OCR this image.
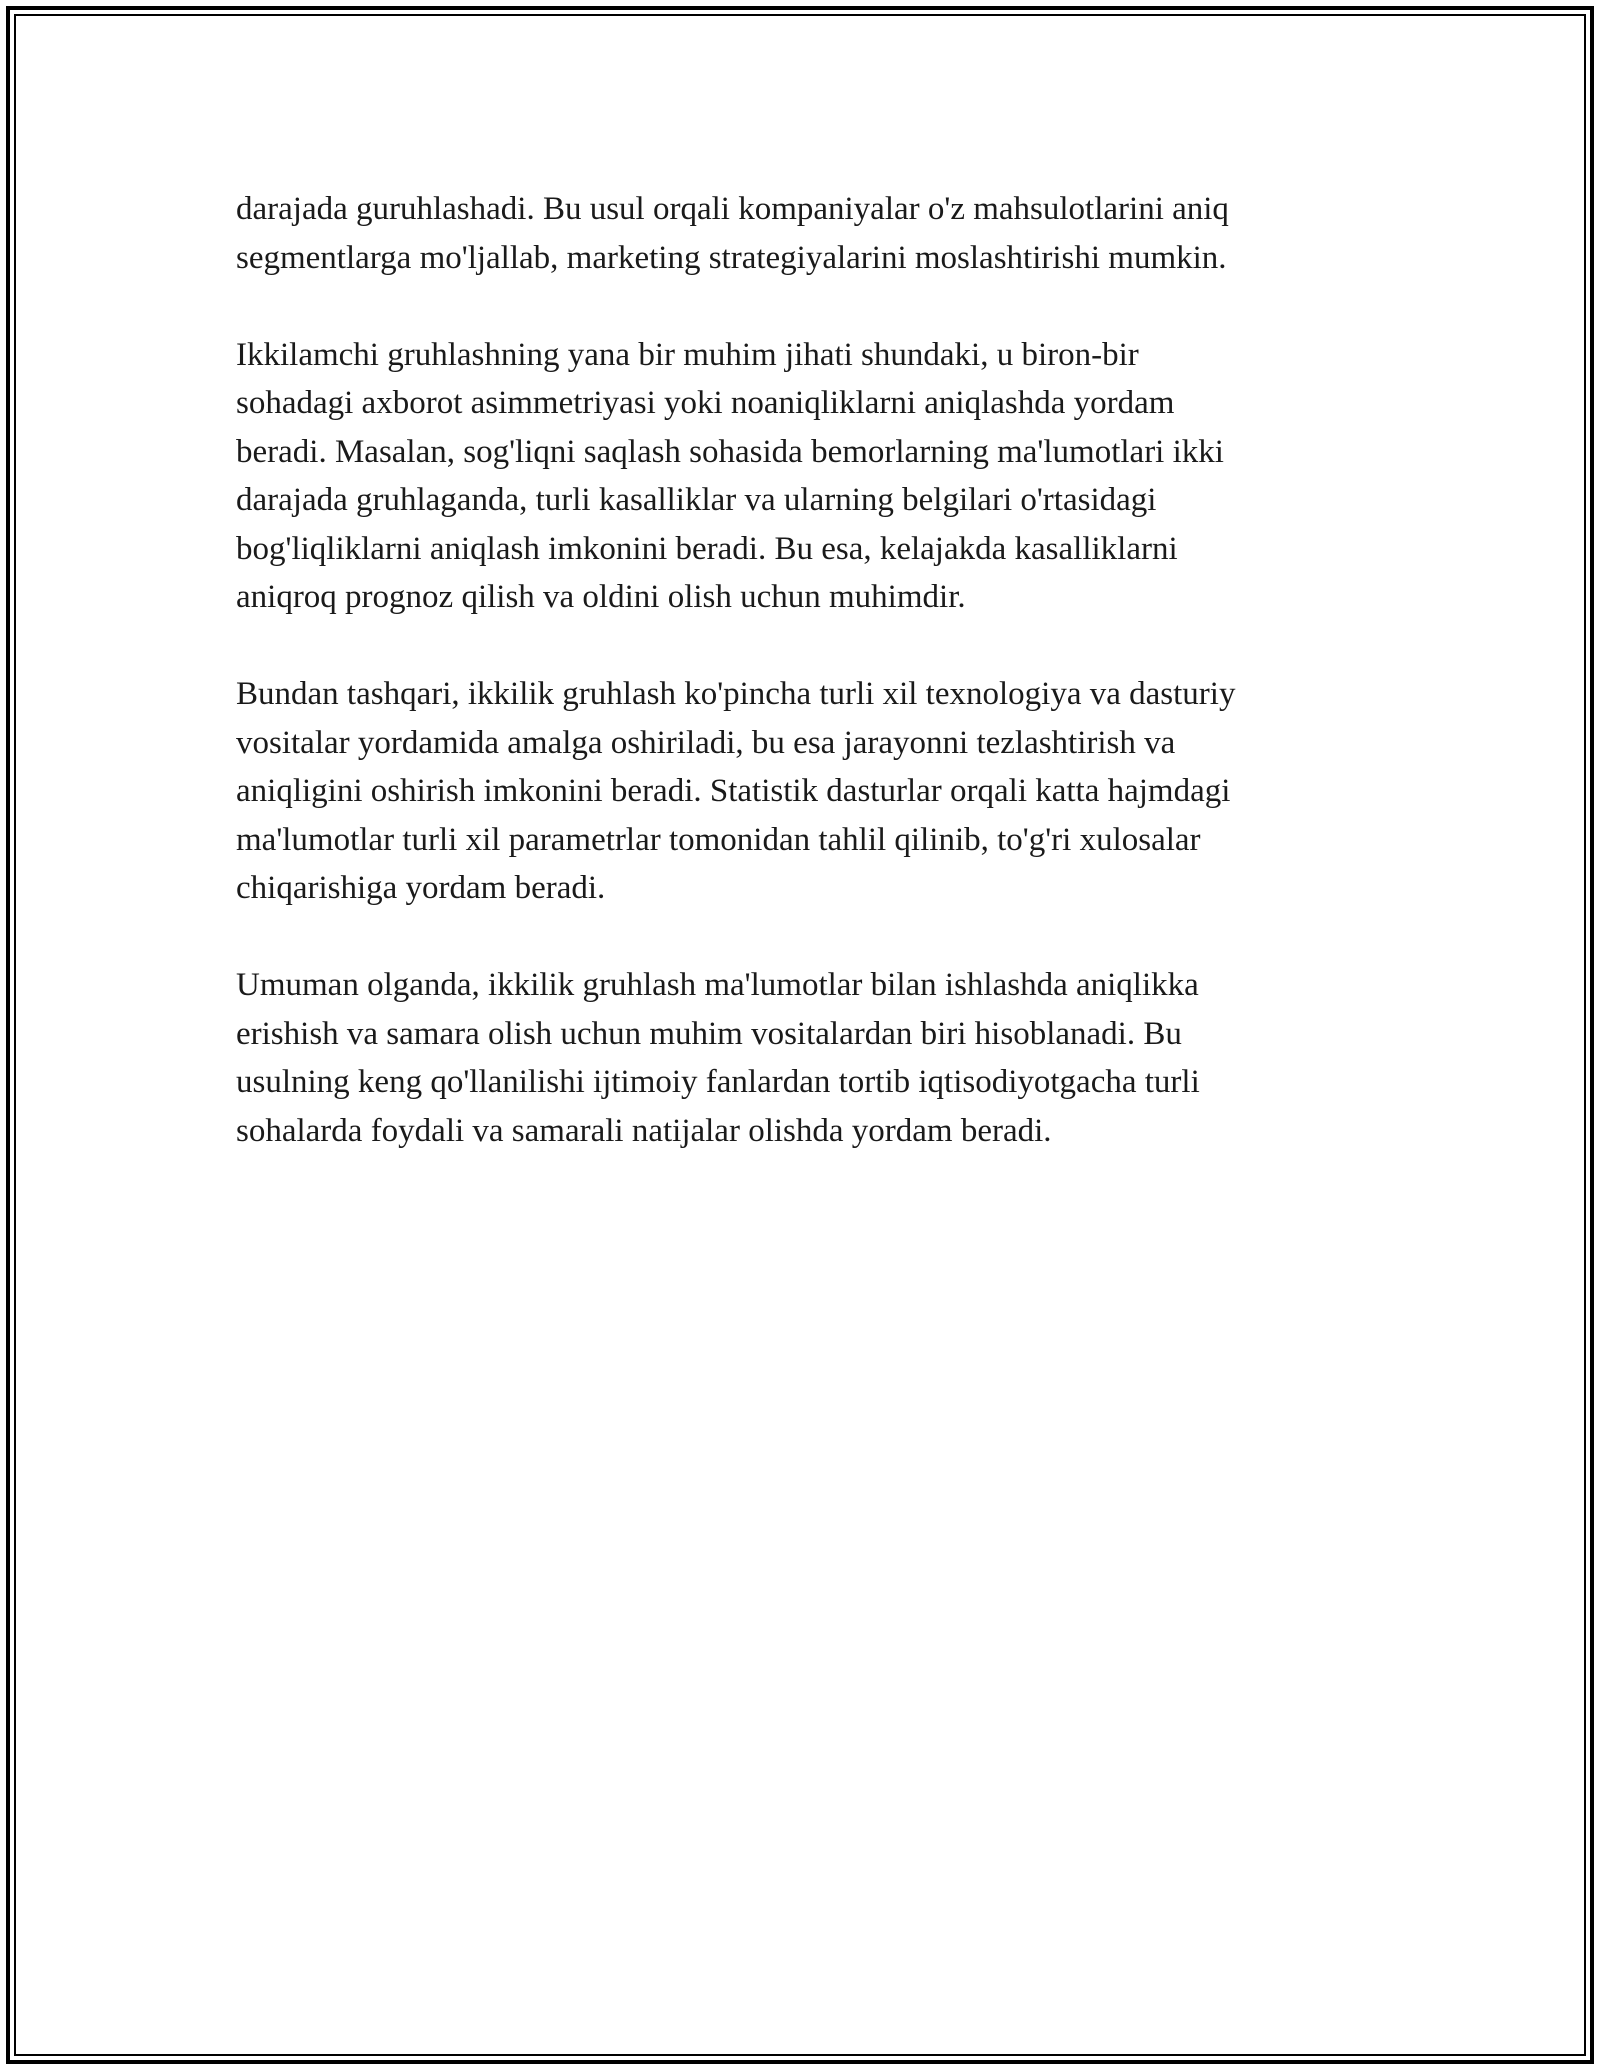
darajada guruhlashadi. Bu usul orqali kompaniyalar o'z mahsulotlarini aniq
segmentlarga mo'ljallab, marketing strategiyalarini moslashtirishi mumkin.

Ikkilamchi gruhlashning yana bir muhim jihati shundaki, u biron-bir
sohadagi axborot asimmetriyasi yoki noaniqliklarni aniqlashda yordam
beradi. Masalan, sog'liqni saqlash sohasida bemorlarning ma'lumotlari ikki
darajada gruhlaganda, turli kasalliklar va ularning belgilari o'rtasidagi
bog'liqliklarni aniqlash imkonini beradi. Bu esa, kelajakda kasalliklarni
aniqroq prognoz qilish va oldini olish uchun muhimdir.

Bundan tashqari, ikkilik gruhlash ko'pincha turli xil texnologiya va dasturiy
vositalar yordamida amalga oshiriladi, bu esa jarayonni tezlashtirish va
aniqligini oshirish imkonini beradi. Statistik dasturlar orqali katta hajmdagi
ma'lumotlar turli xil parametrlar tomonidan tahlil qilinib, to'g'ri xulosalar
chiqarishiga yordam beradi.

Umuman olganda, ikkilik gruhlash ma'lumotlar bilan ishlashda aniqlikka
erishish va samara olish uchun muhim vositalardan biri hisoblanadi. Bu
usulning keng qo'llanilishi ijtimoiy fanlardan tortib iqtisodiyotgacha turli
sohalarda foydali va samarali natijalar olishda yordam beradi.
